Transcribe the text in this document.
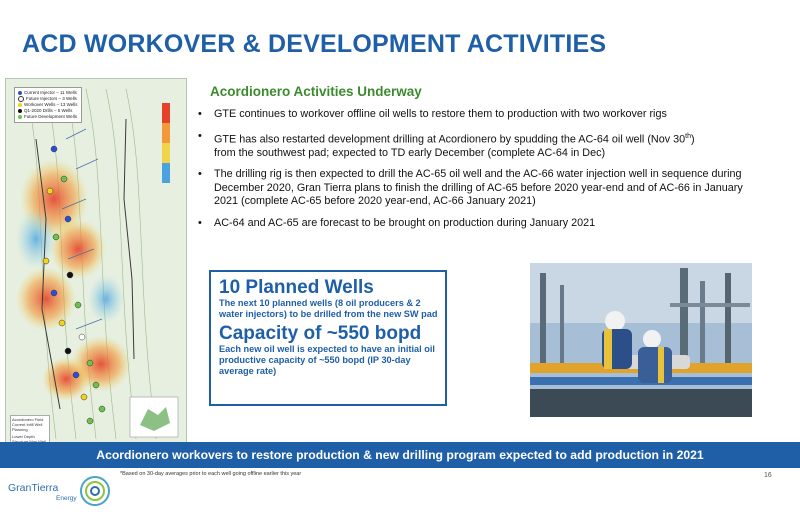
ACD WORKOVER & DEVELOPMENT ACTIVITIES
Current Injector – 11 Wells
Future Injectors – 3 Wells
Workover Wells – 13 Wells
Q1-2020 Drills – 5 Wells
Future Development Wells
Acordionero Field Current Infill Well Planning
Lower Depth
Acordionero Activities Underway
• GTE continues to workover offline oil wells to restore them to production with two workover rigs
• GTE has also restarted development drilling at Acordionero by spudding the AC-64 oil well (Nov 30th)
from the southwest pad; expected to TD early December (complete AC-64 in Dec)
• The drilling rig is then expected to drill the AC-65 oil well and the AC-66 water injection well in sequence during December 2020, Gran Tierra plans to finish the drilling of AC-65 before 2020 year-end and of AC-66 in January 2021 (complete AC-65 before 2020 year-end, AC-66 January 2021)
• AC-64 and AC-65 are forecast to be brought on production during January 2021
10 Planned Wells
The next 10 planned wells (8 oil producers & 2 water injectors) to be drilled from the new SW pad
Capacity of ~550 bopd
Each new oil well is expected to have an initial oil productive capacity of ~550 bopd (IP 30-day average rate)
Acordionero workovers to restore production & new drilling program expected to add production in 2021
GranTierra
Energy
*Based on 30-day averages prior to each well going offline earlier this year	16
